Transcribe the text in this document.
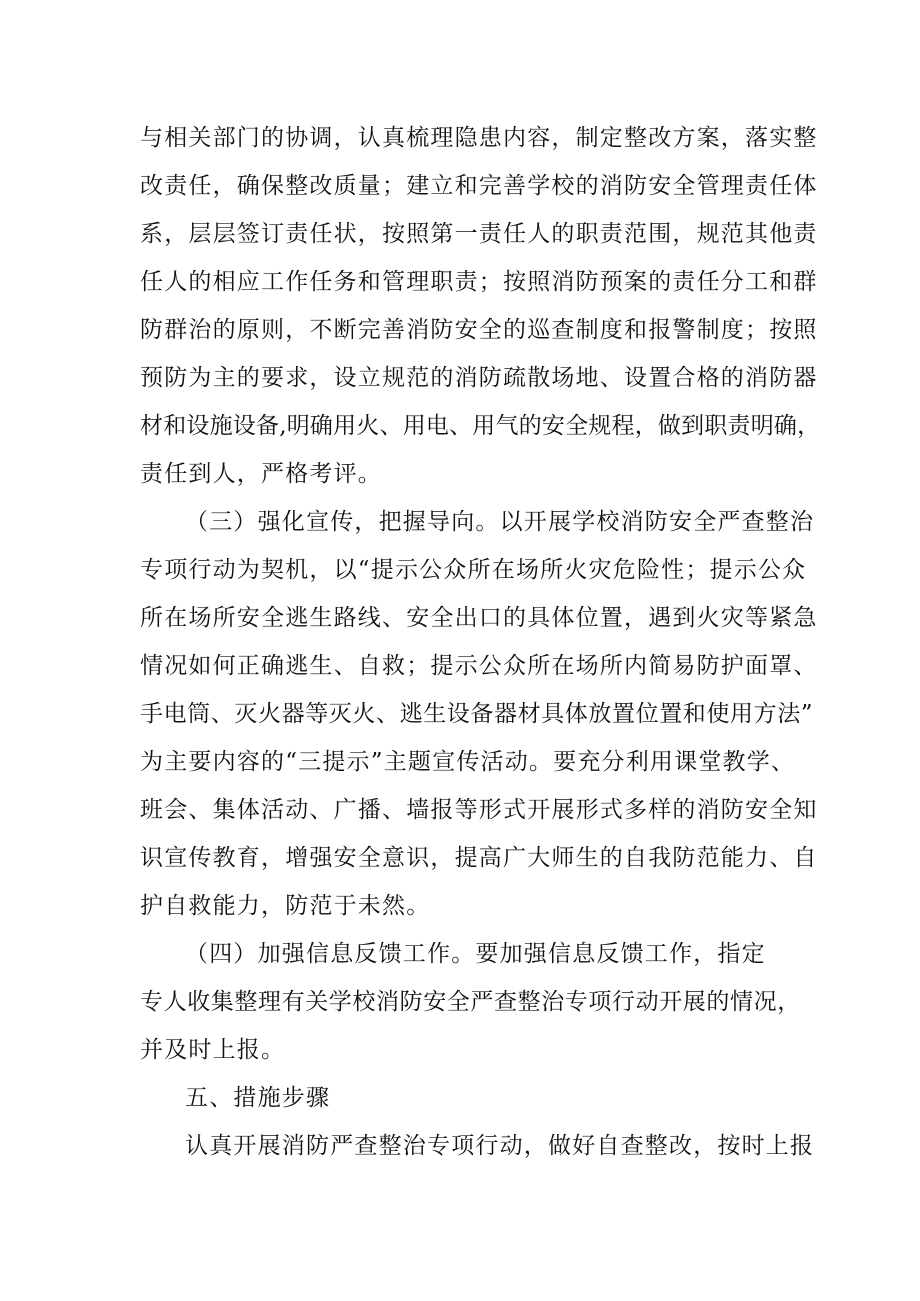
与相关部门的协调，认真梳理隐患内容，制定整改方案，落实整
改责任，确保整改质量；建立和完善学校的消防安全管理责任体
系，层层签订责任状，按照第一责任人的职责范围，规范其他责
任人的相应工作任务和管理职责；按照消防预案的责任分工和群
防群治的原则，不断完善消防安全的巡查制度和报警制度；按照
预防为主的要求，设立规范的消防疏散场地、设置合格的消防器
材和设施设备,明确用火、用电、用气的安全规程，做到职责明确，
责任到人，严格考评。
（三）强化宣传，把握导向。以开展学校消防安全严查整治
专项行动为契机，以“提示公众所在场所火灾危险性；提示公众
所在场所安全逃生路线、安全出口的具体位置，遇到火灾等紧急
情况如何正确逃生、自救；提示公众所在场所内简易防护面罩、
手电筒、灭火器等灭火、逃生设备器材具体放置位置和使用方法”
为主要内容的“三提示”主题宣传活动。要充分利用课堂教学、
班会、集体活动、广播、墙报等形式开展形式多样的消防安全知
识宣传教育，增强安全意识，提高广大师生的自我防范能力、自
护自救能力，防范于未然。
（四）加强信息反馈工作。要加强信息反馈工作，指定
专人收集整理有关学校消防安全严查整治专项行动开展的情况，
并及时上报。
五、措施步骤
认真开展消防严查整治专项行动，做好自查整改，按时上报
